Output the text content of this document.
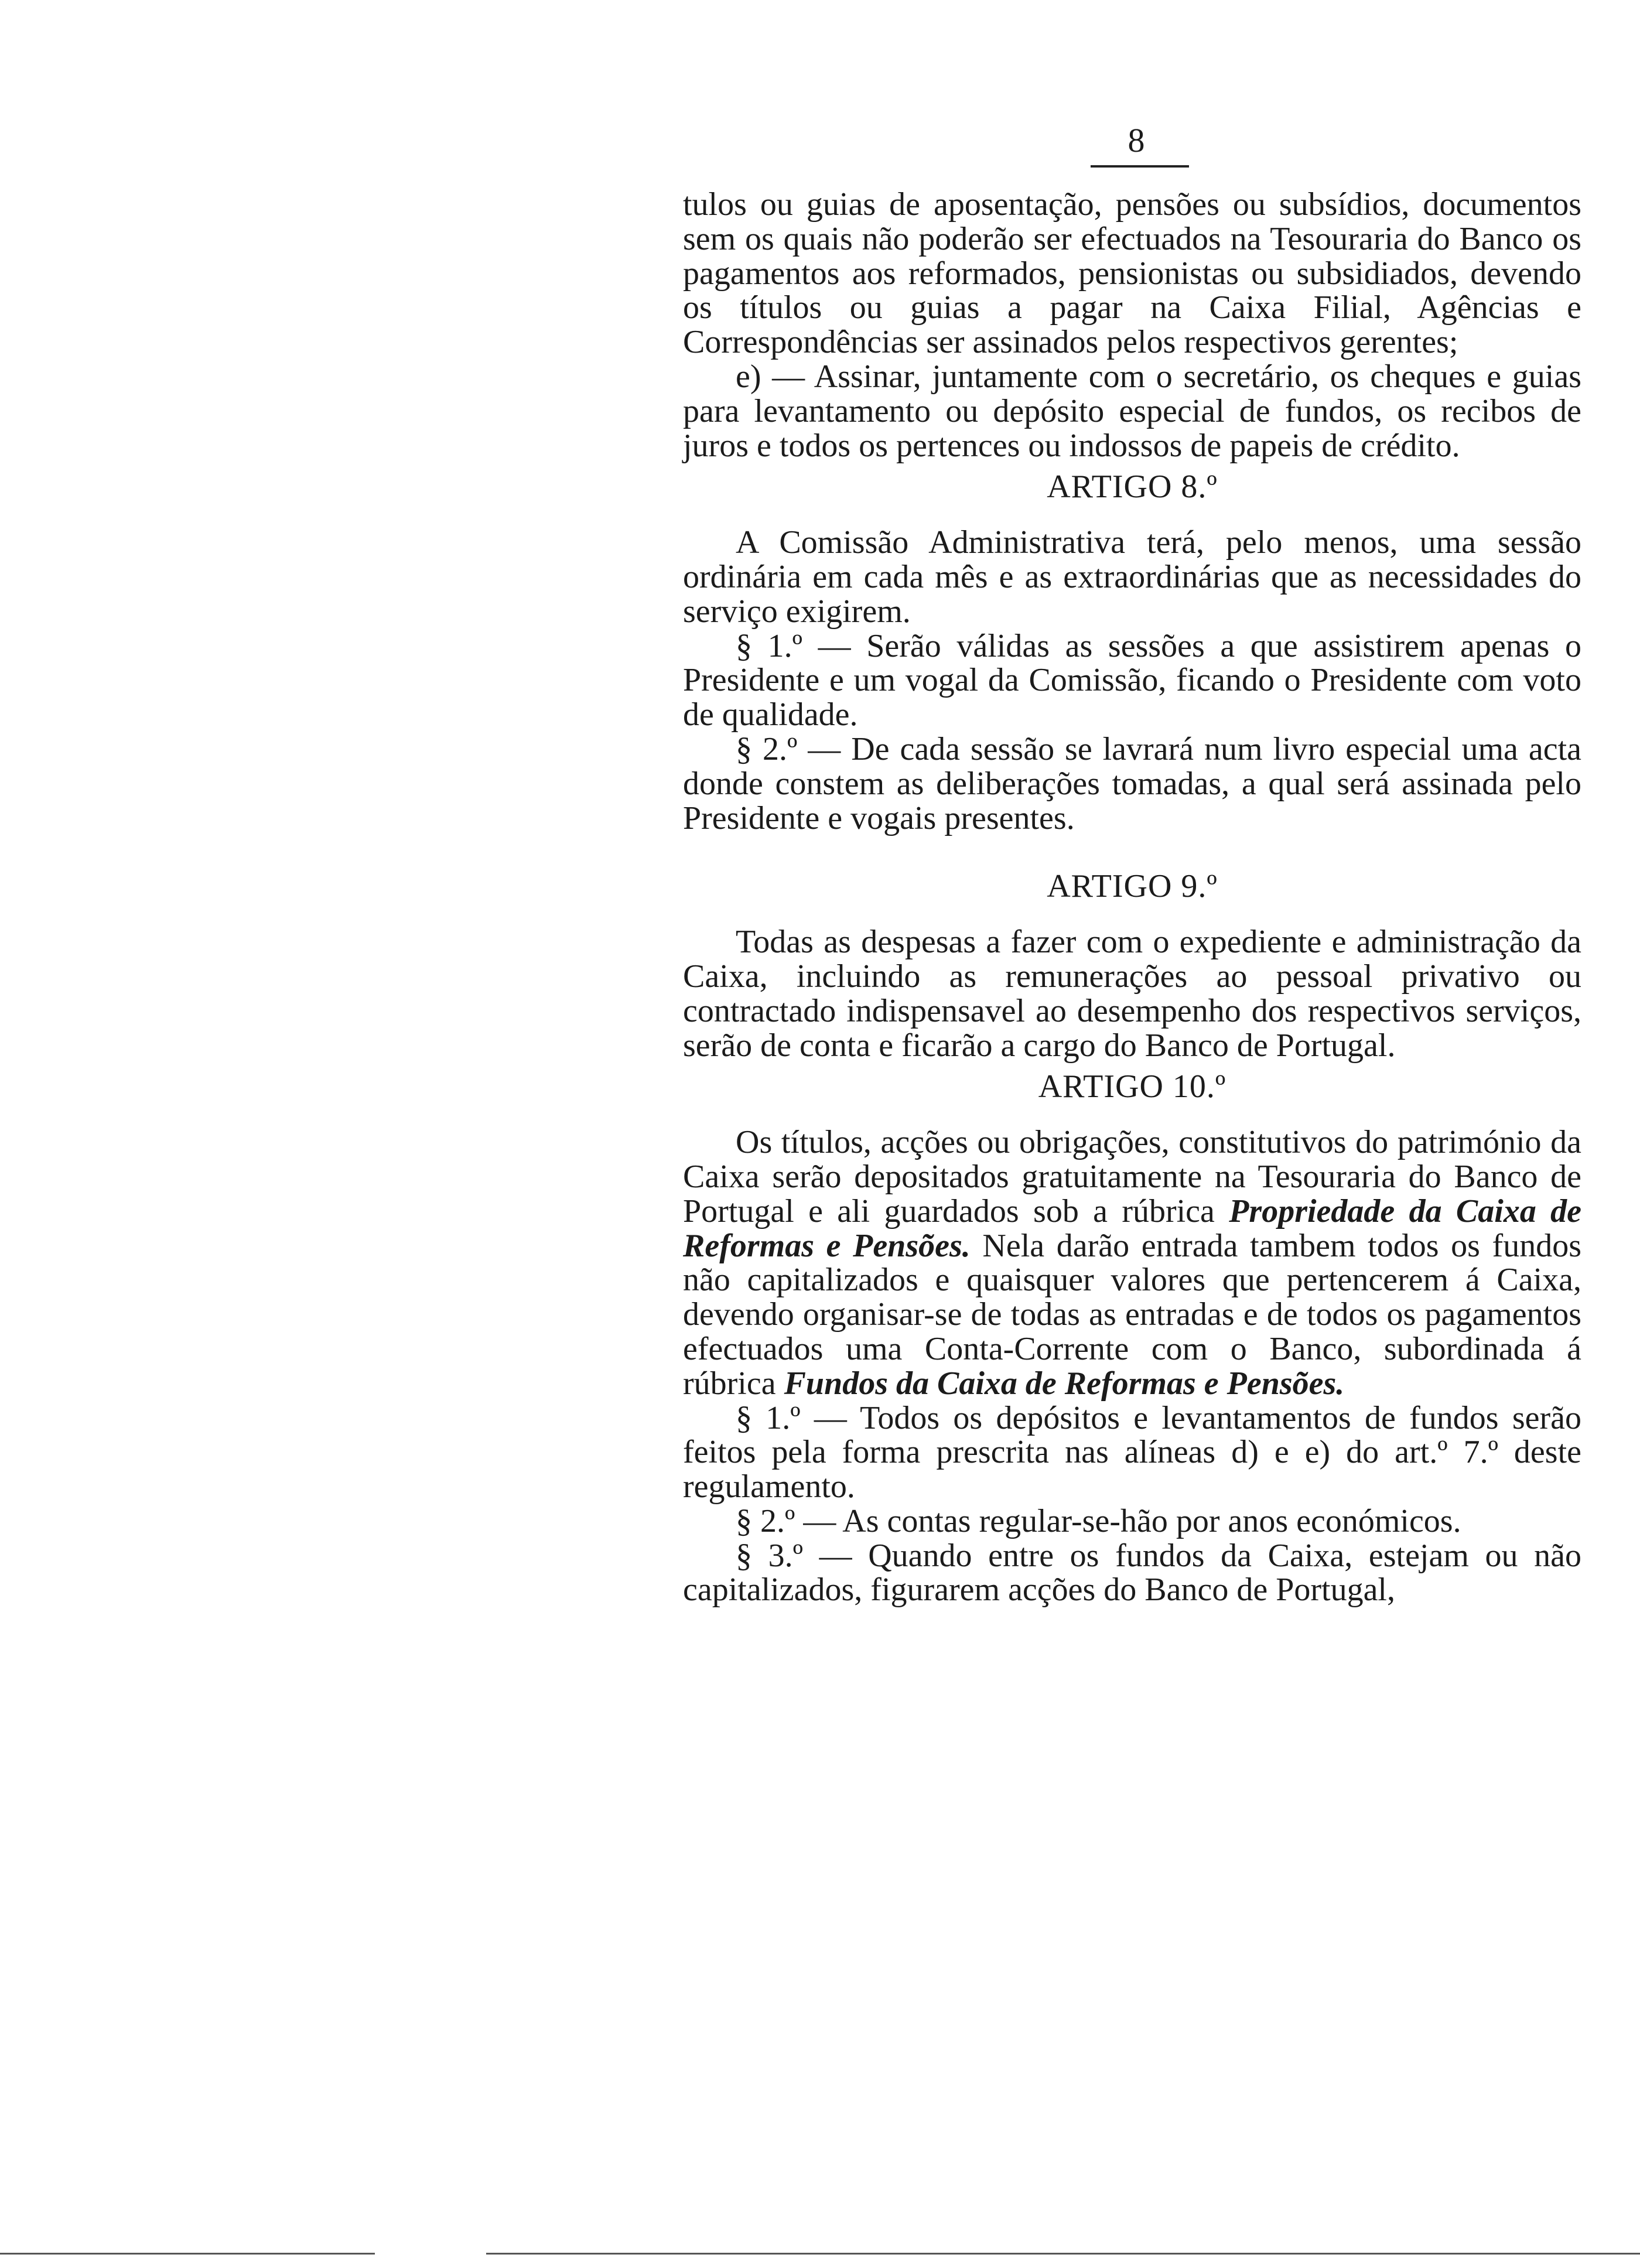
8

tulos ou guias de aposentação, pensões ou subsídios, documentos sem os quais não poderão ser efectuados na Tesouraria do Banco os pagamentos aos reformados, pensionistas ou subsidiados, devendo os títulos ou guias a pagar na Caixa Filial, Agências e Correspondências ser assinados pelos respectivos gerentes;

e) — Assinar, juntamente com o secretário, os cheques e guias para levantamento ou depósito especial de fundos, os recibos de juros e todos os pertences ou indossos de papeis de crédito.

ARTIGO 8.º

A Comissão Administrativa terá, pelo menos, uma sessão ordinária em cada mês e as extraordinárias que as necessidades do serviço exigirem.

§ 1.º — Serão válidas as sessões a que assistirem apenas o Presidente e um vogal da Comissão, ficando o Presidente com voto de qualidade.

§ 2.º — De cada sessão se lavrará num livro especial uma acta donde constem as deliberações tomadas, a qual será assinada pelo Presidente e vogais presentes.

ARTIGO 9.º

Todas as despesas a fazer com o expediente e administração da Caixa, incluindo as remunerações ao pessoal privativo ou contractado indispensavel ao desempenho dos respectivos serviços, serão de conta e ficarão a cargo do Banco de Portugal.

ARTIGO 10.º

Os títulos, acções ou obrigações, constitutivos do património da Caixa serão depositados gratuitamente na Tesouraria do Banco de Portugal e ali guardados sob a rúbrica Propriedade da Caixa de Reformas e Pensões. Nela darão entrada tambem todos os fundos não capitalizados e quaisquer valores que pertencerem á Caixa, devendo organisar-se de todas as entradas e de todos os pagamentos efectuados uma Conta-Corrente com o Banco, subordinada á rúbrica Fundos da Caixa de Reformas e Pensões.

§ 1.º — Todos os depósitos e levantamentos de fundos serão feitos pela forma prescrita nas alíneas d) e e) do art.º 7.º deste regulamento.

§ 2.º — As contas regular-se-hão por anos económicos.

§ 3.º — Quando entre os fundos da Caixa, estejam ou não capitalizados, figurarem acções do Banco de Portugal,
